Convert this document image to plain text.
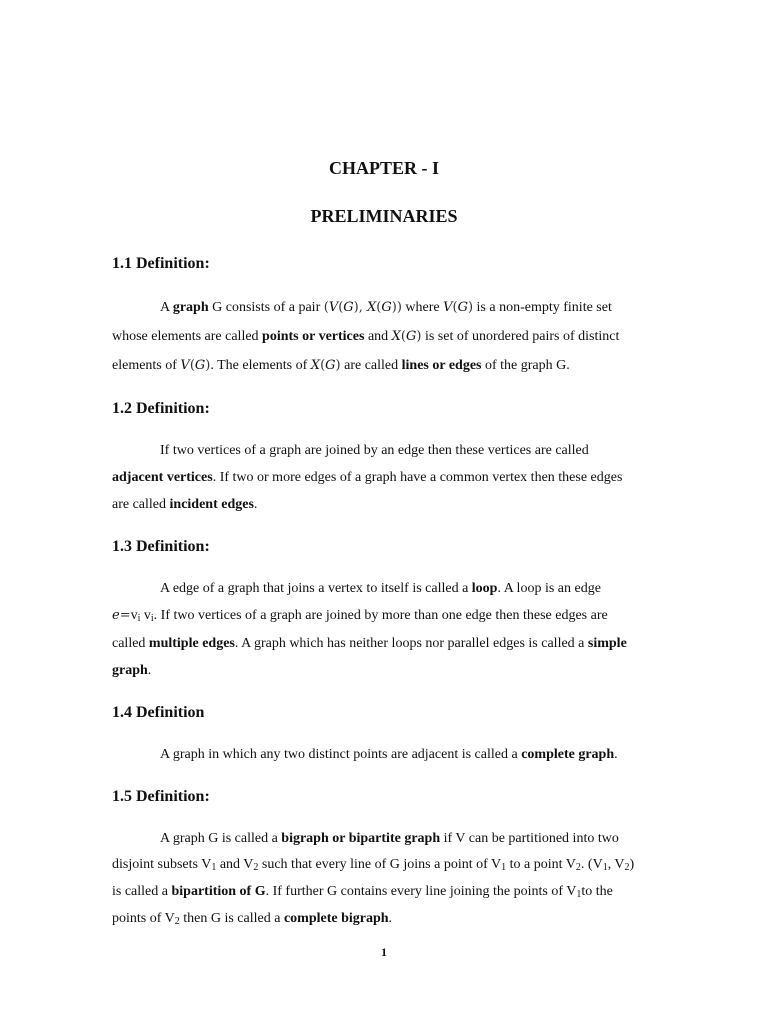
CHAPTER - I
PRELIMINARIES
1.1 Definition:
A graph G consists of a pair (V(G), X(G)) where V(G) is a non-empty finite set
whose elements are called points or vertices and X(G) is set of unordered pairs of distinct
elements of V(G). The elements of X(G) are called lines or edges of the graph G.
1.2 Definition:
If two vertices of a graph are joined by an edge then these vertices are called
adjacent vertices. If two or more edges of a graph have a common vertex then these edges
are called incident edges.
1.3 Definition:
A edge of a graph that joins a vertex to itself is called a loop. A loop is an edge
$e=v_i$ $v_i$. If two vertices of a graph are joined by more than one edge then these edges are
called multiple edges. A graph which has neither loops nor parallel edges is called a simple
graph.
1.4 Definition
A graph in which any two distinct points are adjacent is called a complete graph.
1.5 Definition:
A graph G is called a bigraph or bipartite graph if V can be partitioned into two
disjoint subsets $V_1$ and $V_2$ such that every line of G joins a point of $V_1$ to a point $V_2$. ($V_1$, $V_2$)
is called a bipartition of G. If further G contains every line joining the points of $V_1to$ the
points of $V_2$ then G is called a complete bigraph.
1
